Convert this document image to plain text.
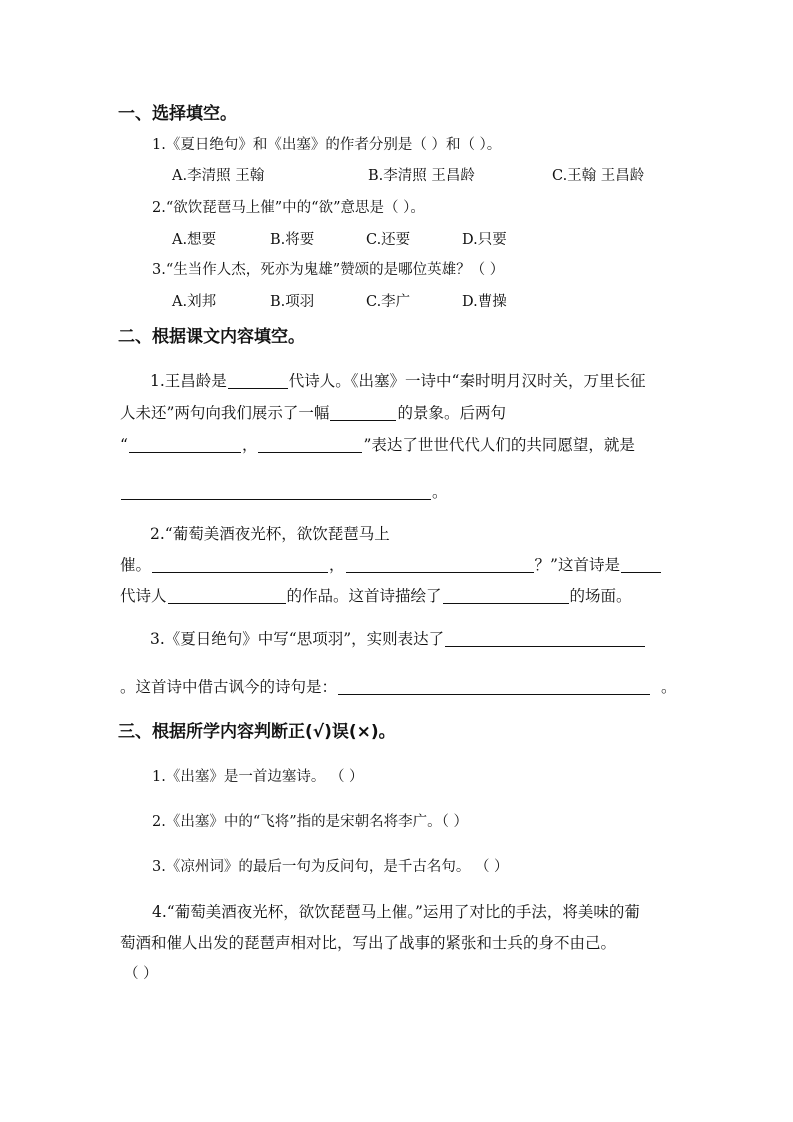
一、选择填空。
1.《夏日绝句》和《出塞》的作者分别是（ ）和（ ）。
A.李清照 王翰	B.李清照 王昌龄	C.王翰 王昌龄
2.“欲饮琵琶马上催”中的“欲”意思是（ ）。
A.想要	B.将要	C.还要	D.只要
3.“生当作人杰，死亦为鬼雄”赞颂的是哪位英雄？（ ）
A.刘邦	B.项羽	C.李广	D.曹操
二、根据课文内容填空。
1.王昌龄是	代诗人。《出塞》一诗中“秦时明月汉时关，万里长征
人未还”两句向我们展示了一幅	的景象。后两句
“	，	”表达了世世代代人们的共同愿望，就是
。
2.“葡萄美酒夜光杯，欲饮琵琶马上
催。	，	？”这首诗是
代诗人	的作品。这首诗描绘了	的场面。
3.《夏日绝句》中写“思项羽”，实则表达了
。这首诗中借古讽今的诗句是：	。
三、根据所学内容判断正(√)误(×)。
1.《出塞》是一首边塞诗。 （ ）
2.《出塞》中的“飞将”指的是宋朝名将李广。（ ）
3.《凉州词》的最后一句为反问句，是千古名句。 （ ）
4.“葡萄美酒夜光杯，欲饮琵琶马上催。”运用了对比的手法，将美味的葡
萄酒和催人出发的琵琶声相对比，写出了战事的紧张和士兵的身不由己。
（ ）
